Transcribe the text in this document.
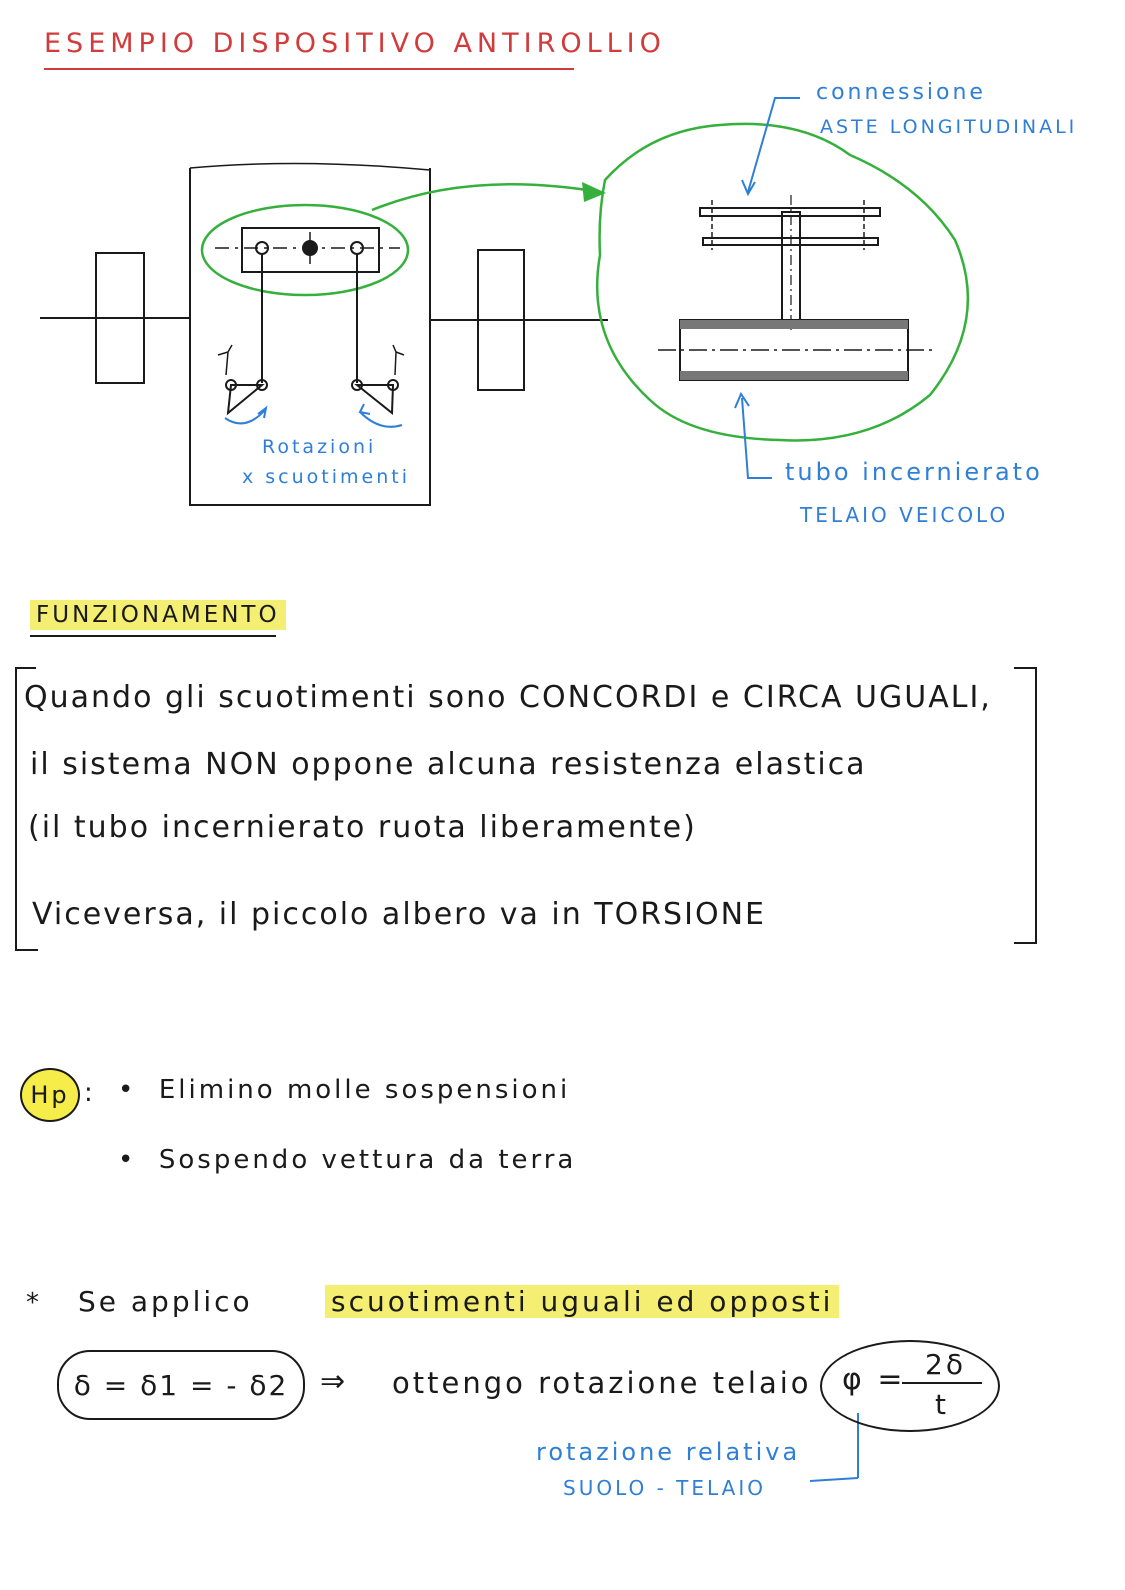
ESEMPIO DISPOSITIVO ANTIROLLIO
connessione
ASTE LONGITUDINALI
Rotazioni
x scuotimenti	tubo incernierato
TELAIO VEICOLO
FUNZIONAMENTO
Quando gli scuotimenti sono CONCORDI e CIRCA UGUALI,
il sistema NON oppone alcuna resistenza elastica
(il tubo incernierato ruota liberamente)
Viceversa, il piccolo albero va in TORSIONE
Hp : •  Elimino molle sospensioni
•  Sospendo vettura da terra
* Se applico	scuotimenti uguali ed opposti
δ = δ1 = - δ2 ⇒ ottengo rotazione telaio φ = 2δ
t
rotazione relativa
SUOLO - TELAIO
